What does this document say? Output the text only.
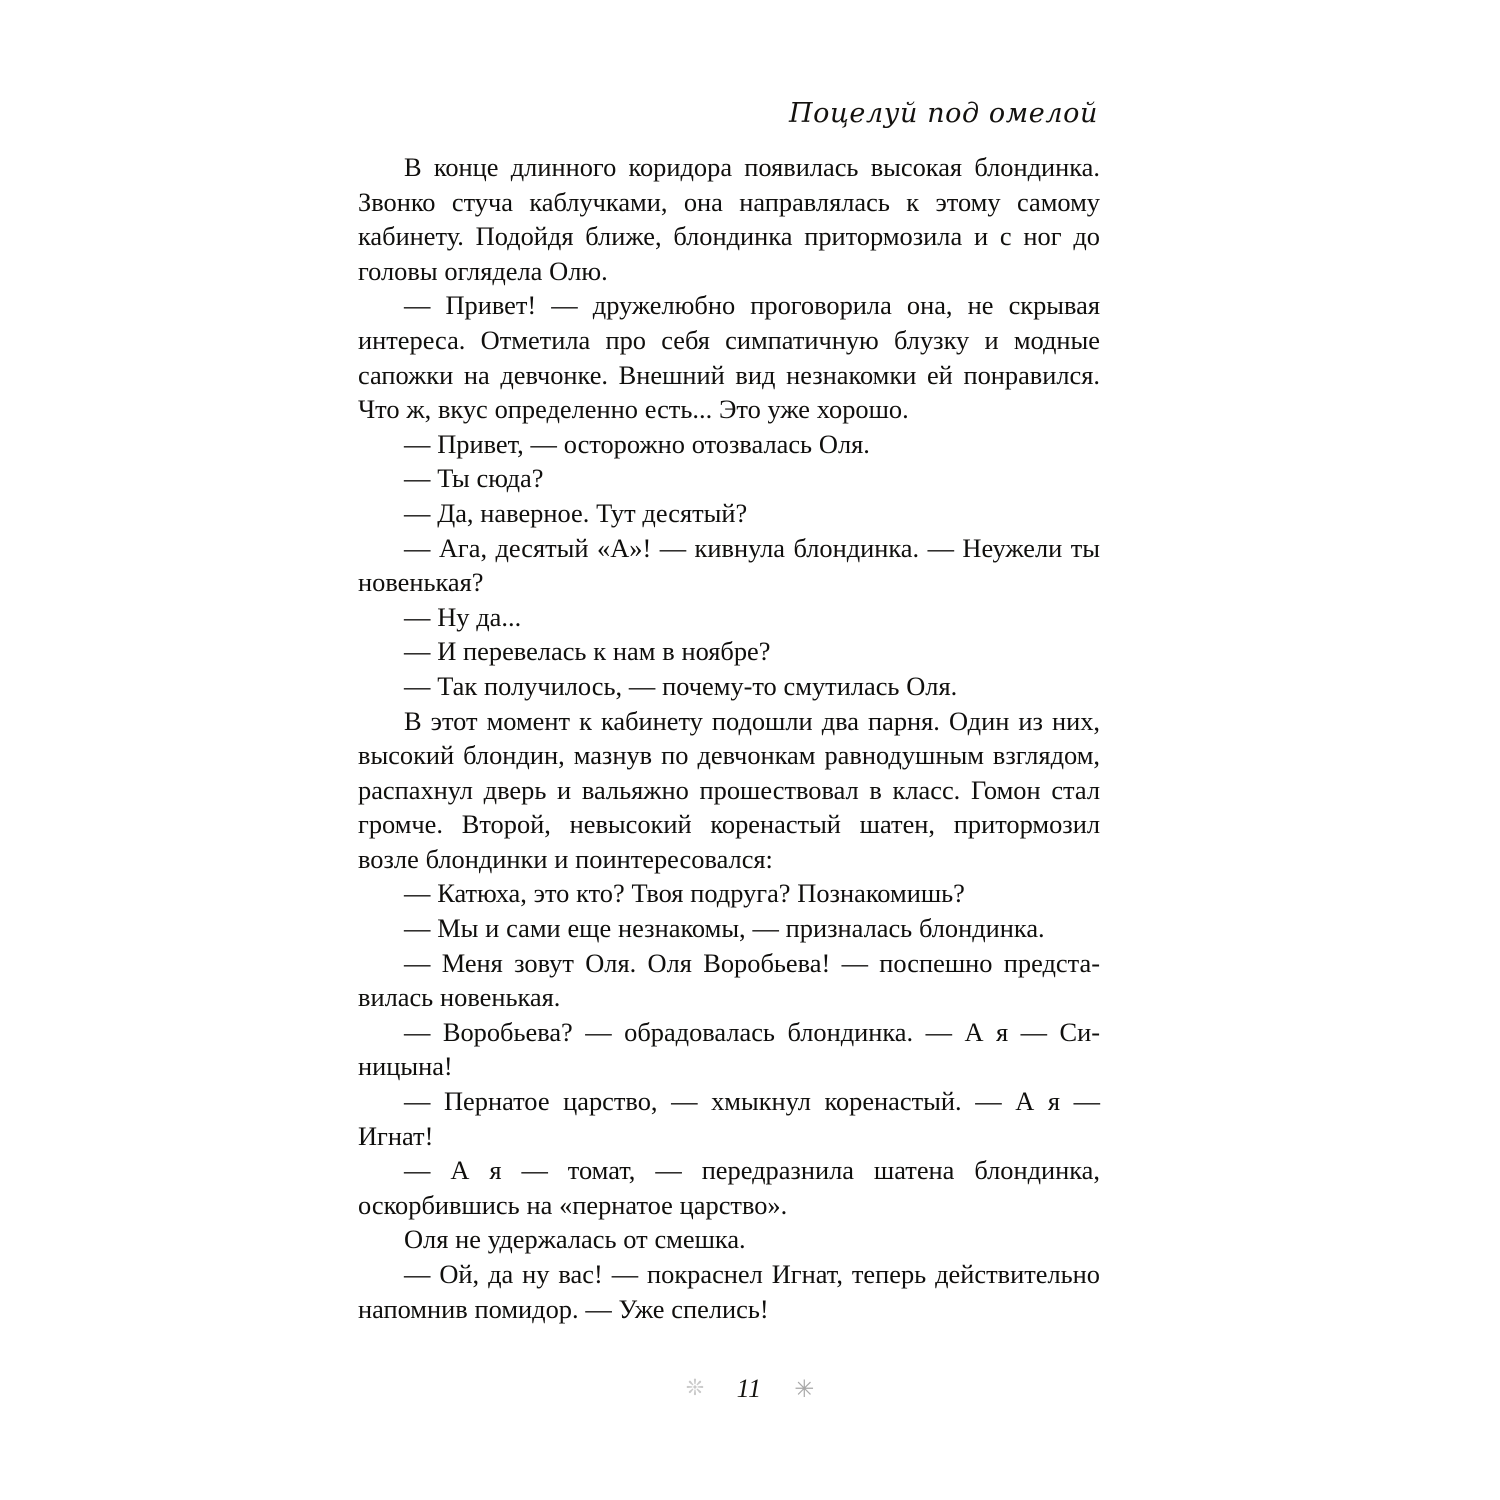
Поцелуй под омелой

В конце длинного коридора появилась высокая блондинка. Звонко стуча каблучками, она направлялась к этому самому кабинету. Подойдя ближе, блондинка притормозила и с ног до головы оглядела Олю.

— Привет! — дружелюбно проговорила она, не скрывая интереса. Отметила про себя симпатичную блузку и модные сапожки на девчонке. Внешний вид незнакомки ей понравился. Что ж, вкус определенно есть... Это уже хорошо.

— Привет, — осторожно отозвалась Оля.

— Ты сюда?

— Да, наверное. Тут десятый?

— Ага, десятый «А»! — кивнула блондинка. — Неужели ты новенькая?

— Ну да...

— И перевелась к нам в ноябре?

— Так получилось, — почему-то смутилась Оля.

В этот момент к кабинету подошли два парня. Один из них, высокий блондин, мазнув по девчонкам равнодушным взглядом, распахнул дверь и вальяжно прошествовал в класс. Гомон стал громче. Второй, невысокий коренастый шатен, притормозил возле блондинки и поинтересовался:

— Катюха, это кто? Твоя подруга? Познакомишь?

— Мы и сами еще незнакомы, — призналась блондинка.

— Меня зовут Оля. Оля Воробьева! — поспешно представилась новенькая.

— Воробьева? — обрадовалась блондинка. — А я — Синицына!

— Пернатое царство, — хмыкнул коренастый. — А я — Игнат!

— А я — томат, — передразнила шатена блондинка, оскорбившись на «пернатое царство».

Оля не удержалась от смешка.

— Ой, да ну вас! — покраснел Игнат, теперь действительно напомнив помидор. — Уже спелись!

❊ 11 ✳
